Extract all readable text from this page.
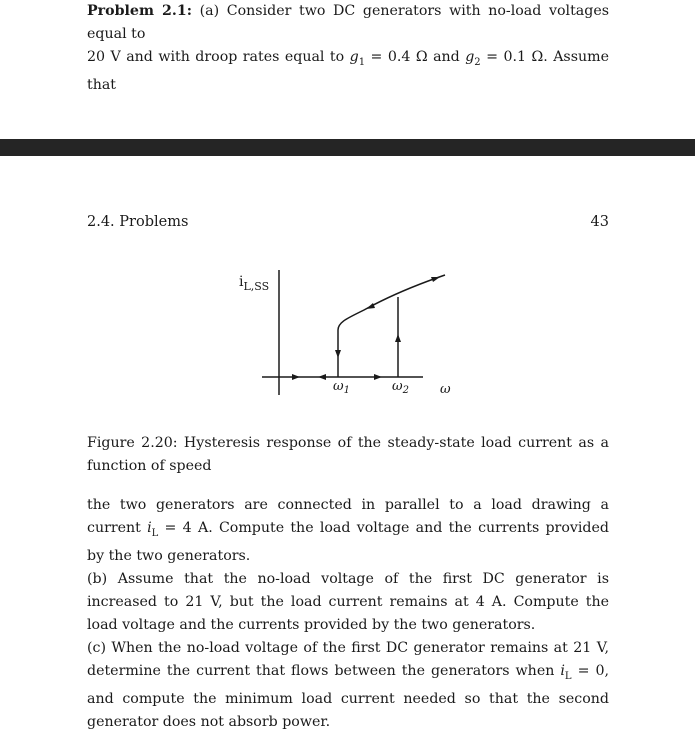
Problem 2.1: (a) Consider two DC generators with no-load voltages equal to

20 V and with droop rates equal to $g_1 = 0.4$ Ω and $g_2 = 0.1$ Ω. Assume that

2.4. Problems	43
$i_{L,SS}$
$\omega_1$	$\omega_2$ ω

Figure 2.20: Hysteresis response of the steady-state load current as a function of speed

the two generators are connected in parallel to a load drawing a current $i_L = 4$ A. Compute the load voltage and the currents provided by the two generators.

(b) Assume that the no-load voltage of the first DC generator is increased to 21 V, but the load current remains at 4 A. Compute the load voltage and the currents provided by the two generators.

(c) When the no-load voltage of the first DC generator remains at 21 V, determine the current that flows between the generators when $i_L = 0$, and compute the minimum load current needed so that the second generator does not absorb power.
